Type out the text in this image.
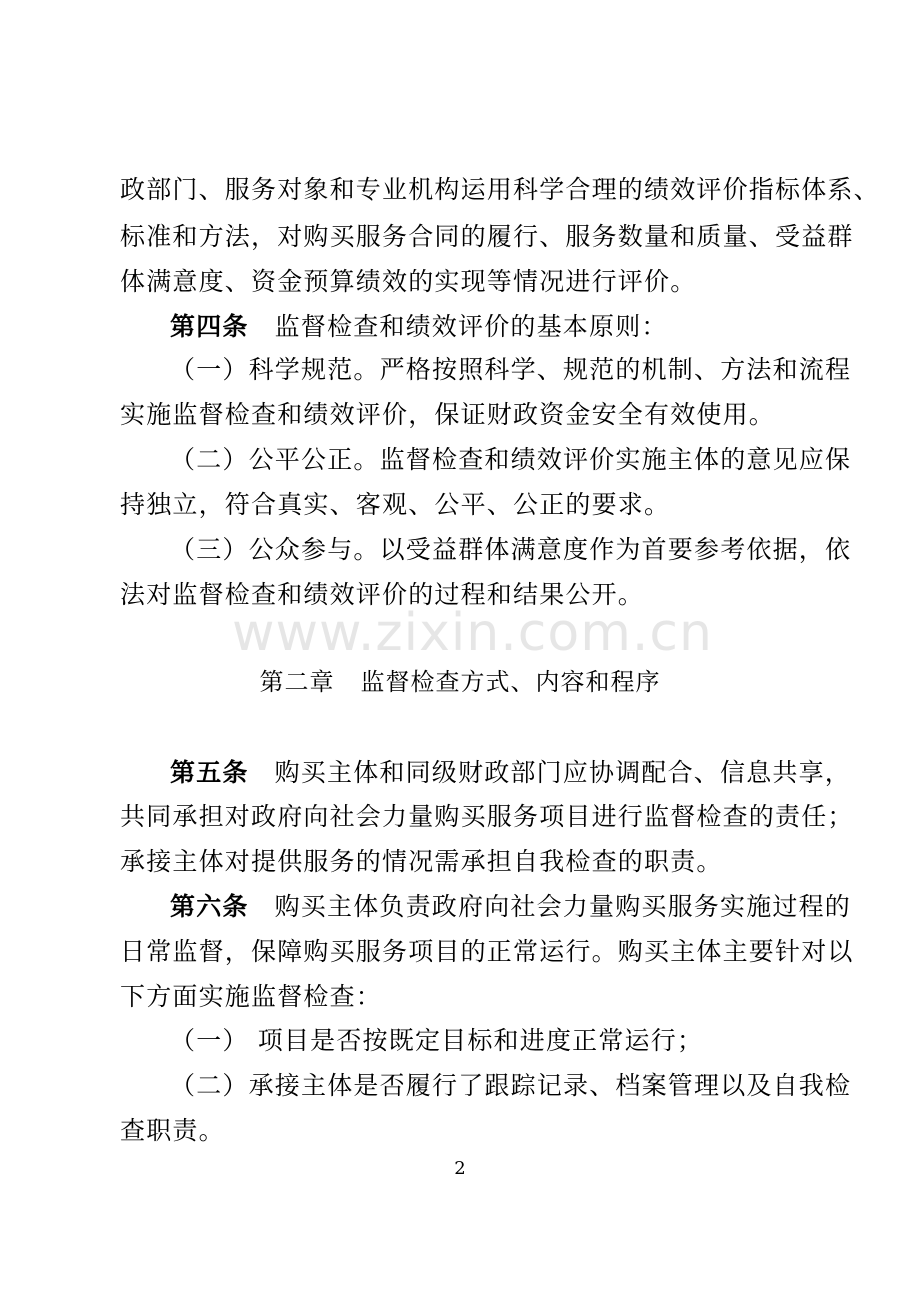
www.zixin.com.cn
政部门、服务对象和专业机构运用科学合理的绩效评价指标体系、
标准和方法，对购买服务合同的履行、服务数量和质量、受益群
体满意度、资金预算绩效的实现等情况进行评价。
第四条 监督检查和绩效评价的基本原则：
（一）科学规范。严格按照科学、规范的机制、方法和流程
实施监督检查和绩效评价，保证财政资金安全有效使用。
（二）公平公正。监督检查和绩效评价实施主体的意见应保
持独立，符合真实、客观、公平、公正的要求。
（三）公众参与。以受益群体满意度作为首要参考依据，依
法对监督检查和绩效评价的过程和结果公开。
第二章 监督检查方式、内容和程序
第五条 购买主体和同级财政部门应协调配合、信息共享，
共同承担对政府向社会力量购买服务项目进行监督检查的责任；
承接主体对提供服务的情况需承担自我检查的职责。
第六条 购买主体负责政府向社会力量购买服务实施过程的
日常监督，保障购买服务项目的正常运行。购买主体主要针对以
下方面实施监督检查：
（一） 项目是否按既定目标和进度正常运行；
（二）承接主体是否履行了跟踪记录、档案管理以及自我检
查职责。
2
